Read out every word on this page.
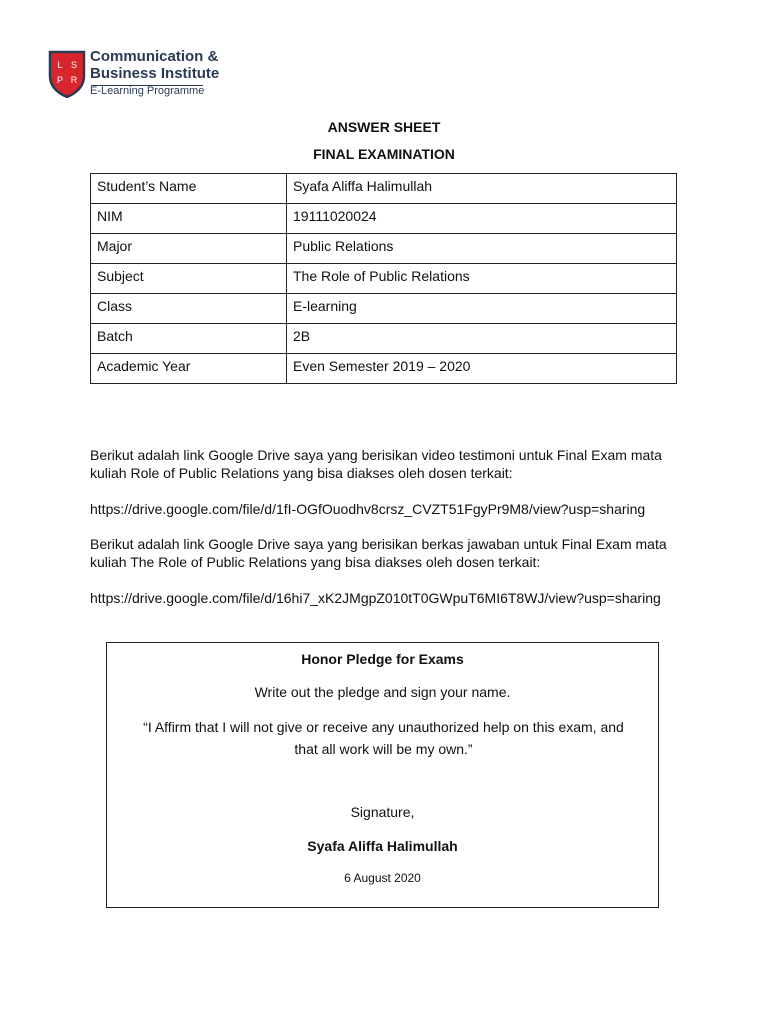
L S
P R
Communication &
Business Institute
E-Learning Programme
ANSWER SHEET
FINAL EXAMINATION
Student’s Name	Syafa Aliffa Halimullah
NIM	19111020024
Major	Public Relations
Subject	The Role of Public Relations
Class	E-learning
Batch	2B
Academic Year	Even Semester 2019 – 2020
Berikut adalah link Google Drive saya yang berisikan video testimoni untuk Final Exam mata kuliah Role of Public Relations yang bisa diakses oleh dosen terkait:
https://drive.google.com/file/d/1fI-OGfOuodhv8crsz_CVZT51FgyPr9M8/view?usp=sharing
Berikut adalah link Google Drive saya yang berisikan berkas jawaban untuk Final Exam mata kuliah The Role of Public Relations yang bisa diakses oleh dosen terkait:
https://drive.google.com/file/d/16hi7_xK2JMgpZ010tT0GWpuT6MI6T8WJ/view?usp=sharing
Honor Pledge for Exams
Write out the pledge and sign your name.
“I Affirm that I will not give or receive any unauthorized help on this exam, and that all work will be my own.”
Signature,
Syafa Aliffa Halimullah
6 August 2020
